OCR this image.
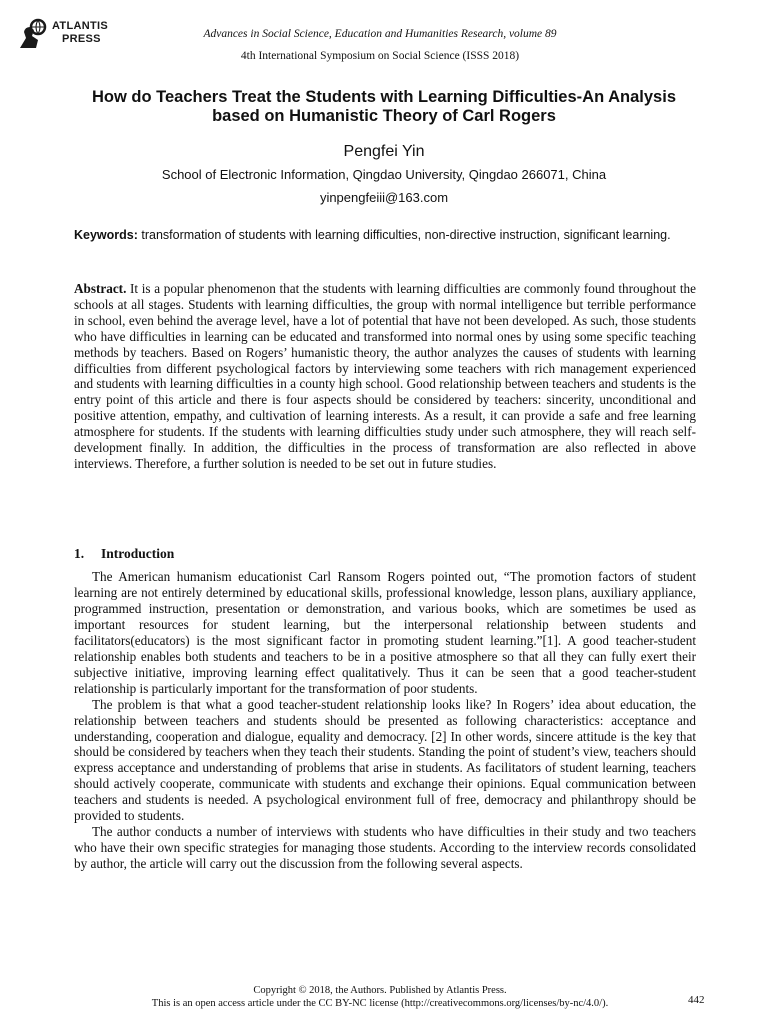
ATLANTIS
PRESS	Advances in Social Science, Education and Humanities Research, volume 89
4th International Symposium on Social Science (ISSS 2018)
How do Teachers Treat the Students with Learning Difficulties-An Analysis based on Humanistic Theory of Carl Rogers
Pengfei Yin
School of Electronic Information, Qingdao University, Qingdao 266071, China
yinpengfeiii@163.com
Keywords: transformation of students with learning difficulties, non-directive instruction, significant learning.
Abstract. It is a popular phenomenon that the students with learning difficulties are commonly found throughout the schools at all stages. Students with learning difficulties, the group with normal intelligence but terrible performance in school, even behind the average level, have a lot of potential that have not been developed. As such, those students who have difficulties in learning can be educated and transformed into normal ones by using some specific teaching methods by teachers. Based on Rogers’ humanistic theory, the author analyzes the causes of students with learning difficulties from different psychological factors by interviewing some teachers with rich management experienced and students with learning difficulties in a county high school. Good relationship between teachers and students is the entry point of this article and there is four aspects should be considered by teachers: sincerity, unconditional and positive attention, empathy, and cultivation of learning interests. As a result, it can provide a safe and free learning atmosphere for students. If the students with learning difficulties study under such atmosphere, they will reach self-development finally. In addition, the difficulties in the process of transformation are also reflected in above interviews. Therefore, a further solution is needed to be set out in future studies.
1. Introduction

The American humanism educationist Carl Ransom Rogers pointed out, “The promotion factors of student learning are not entirely determined by educational skills, professional knowledge, lesson plans, auxiliary appliance, programmed instruction, presentation or demonstration, and various books, which are sometimes be used as important resources for student learning, but the interpersonal relationship between students and facilitators(educators) is the most significant factor in promoting student learning.”[1]. A good teacher-student relationship enables both students and teachers to be in a positive atmosphere so that all they can fully exert their subjective initiative, improving learning effect qualitatively. Thus it can be seen that a good teacher-student relationship is particularly important for the transformation of poor students.

The problem is that what a good teacher-student relationship looks like? In Rogers’ idea about education, the relationship between teachers and students should be presented as following characteristics: acceptance and understanding, cooperation and dialogue, equality and democracy. [2] In other words, sincere attitude is the key that should be considered by teachers when they teach their students. Standing the point of student’s view, teachers should express acceptance and understanding of problems that arise in students. As facilitators of student learning, teachers should actively cooperate, communicate with students and exchange their opinions. Equal communication between teachers and students is needed. A psychological environment full of free, democracy and philanthropy should be provided to students.

The author conducts a number of interviews with students who have difficulties in their study and two teachers who have their own specific strategies for managing those students. According to the interview records consolidated by author, the article will carry out the discussion from the following several aspects.

Copyright © 2018, the Authors. Published by Atlantis Press.
This is an open access article under the CC BY-NC license (http://creativecommons.org/licenses/by-nc/4.0/).	442
